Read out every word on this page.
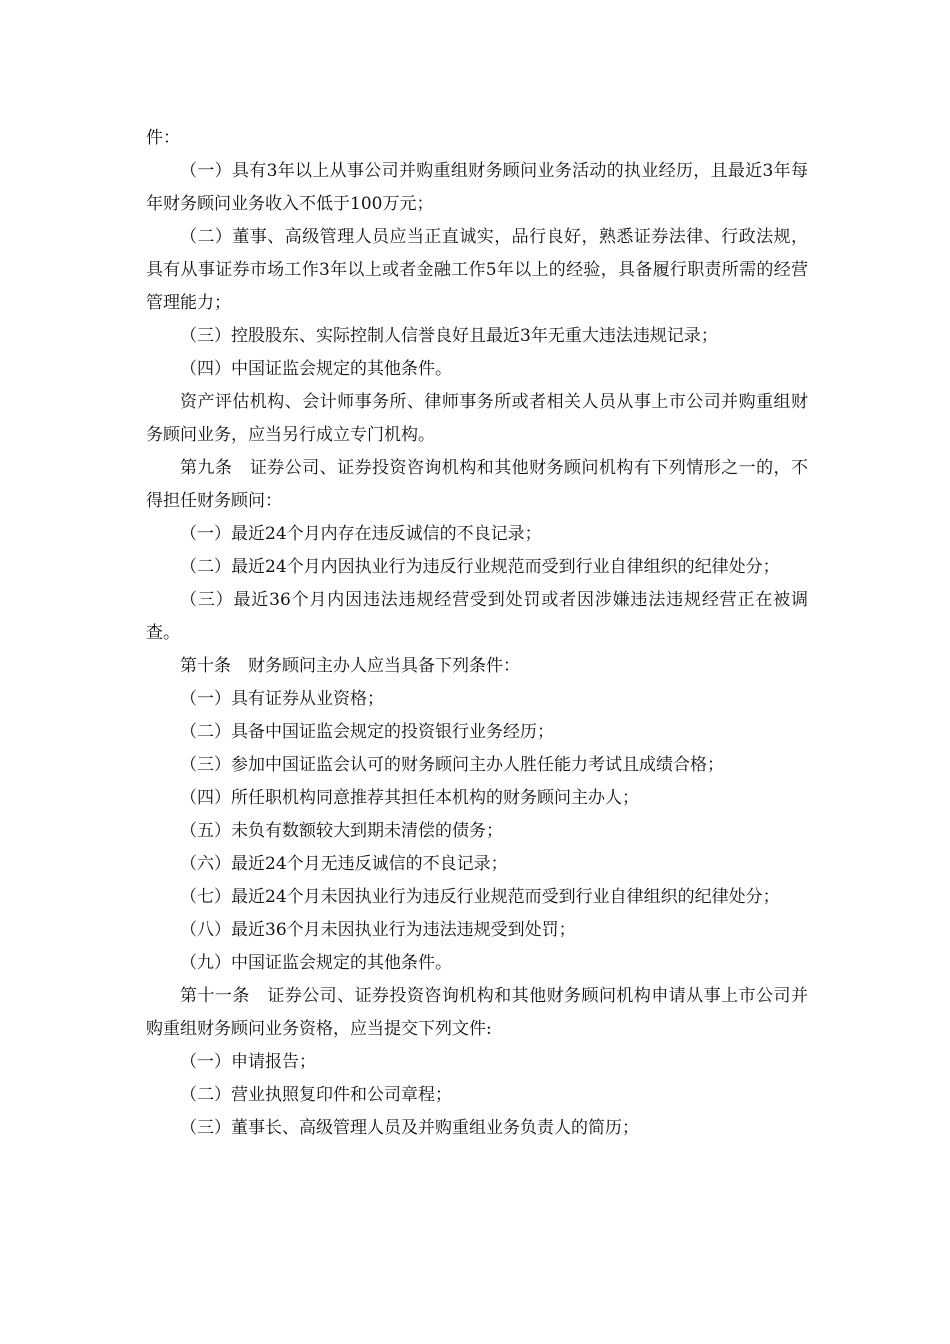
件：

（一）具有3年以上从事公司并购重组财务顾问业务活动的执业经历，且最近3年每年财务顾问业务收入不低于100万元；

（二）董事、高级管理人员应当正直诚实，品行良好，熟悉证券法律、行政法规，具有从事证券市场工作3年以上或者金融工作5年以上的经验，具备履行职责所需的经营管理能力；

（三）控股股东、实际控制人信誉良好且最近3年无重大违法违规记录；

（四）中国证监会规定的其他条件。

资产评估机构、会计师事务所、律师事务所或者相关人员从事上市公司并购重组财务顾问业务，应当另行成立专门机构。

第九条　证券公司、证券投资咨询机构和其他财务顾问机构有下列情形之一的，不得担任财务顾问：

（一）最近24个月内存在违反诚信的不良记录；

（二）最近24个月内因执业行为违反行业规范而受到行业自律组织的纪律处分；

（三）最近36个月内因违法违规经营受到处罚或者因涉嫌违法违规经营正在被调查。

第十条　财务顾问主办人应当具备下列条件：

（一）具有证券从业资格；

（二）具备中国证监会规定的投资银行业务经历；

（三）参加中国证监会认可的财务顾问主办人胜任能力考试且成绩合格；

（四）所任职机构同意推荐其担任本机构的财务顾问主办人；

（五）未负有数额较大到期未清偿的债务；

（六）最近24个月无违反诚信的不良记录；

（七）最近24个月未因执业行为违反行业规范而受到行业自律组织的纪律处分；

（八）最近36个月未因执业行为违法违规受到处罚；

（九）中国证监会规定的其他条件。

第十一条　证券公司、证券投资咨询机构和其他财务顾问机构申请从事上市公司并购重组财务顾问业务资格，应当提交下列文件:

（一）申请报告；

（二）营业执照复印件和公司章程；

（三）董事长、高级管理人员及并购重组业务负责人的简历；
